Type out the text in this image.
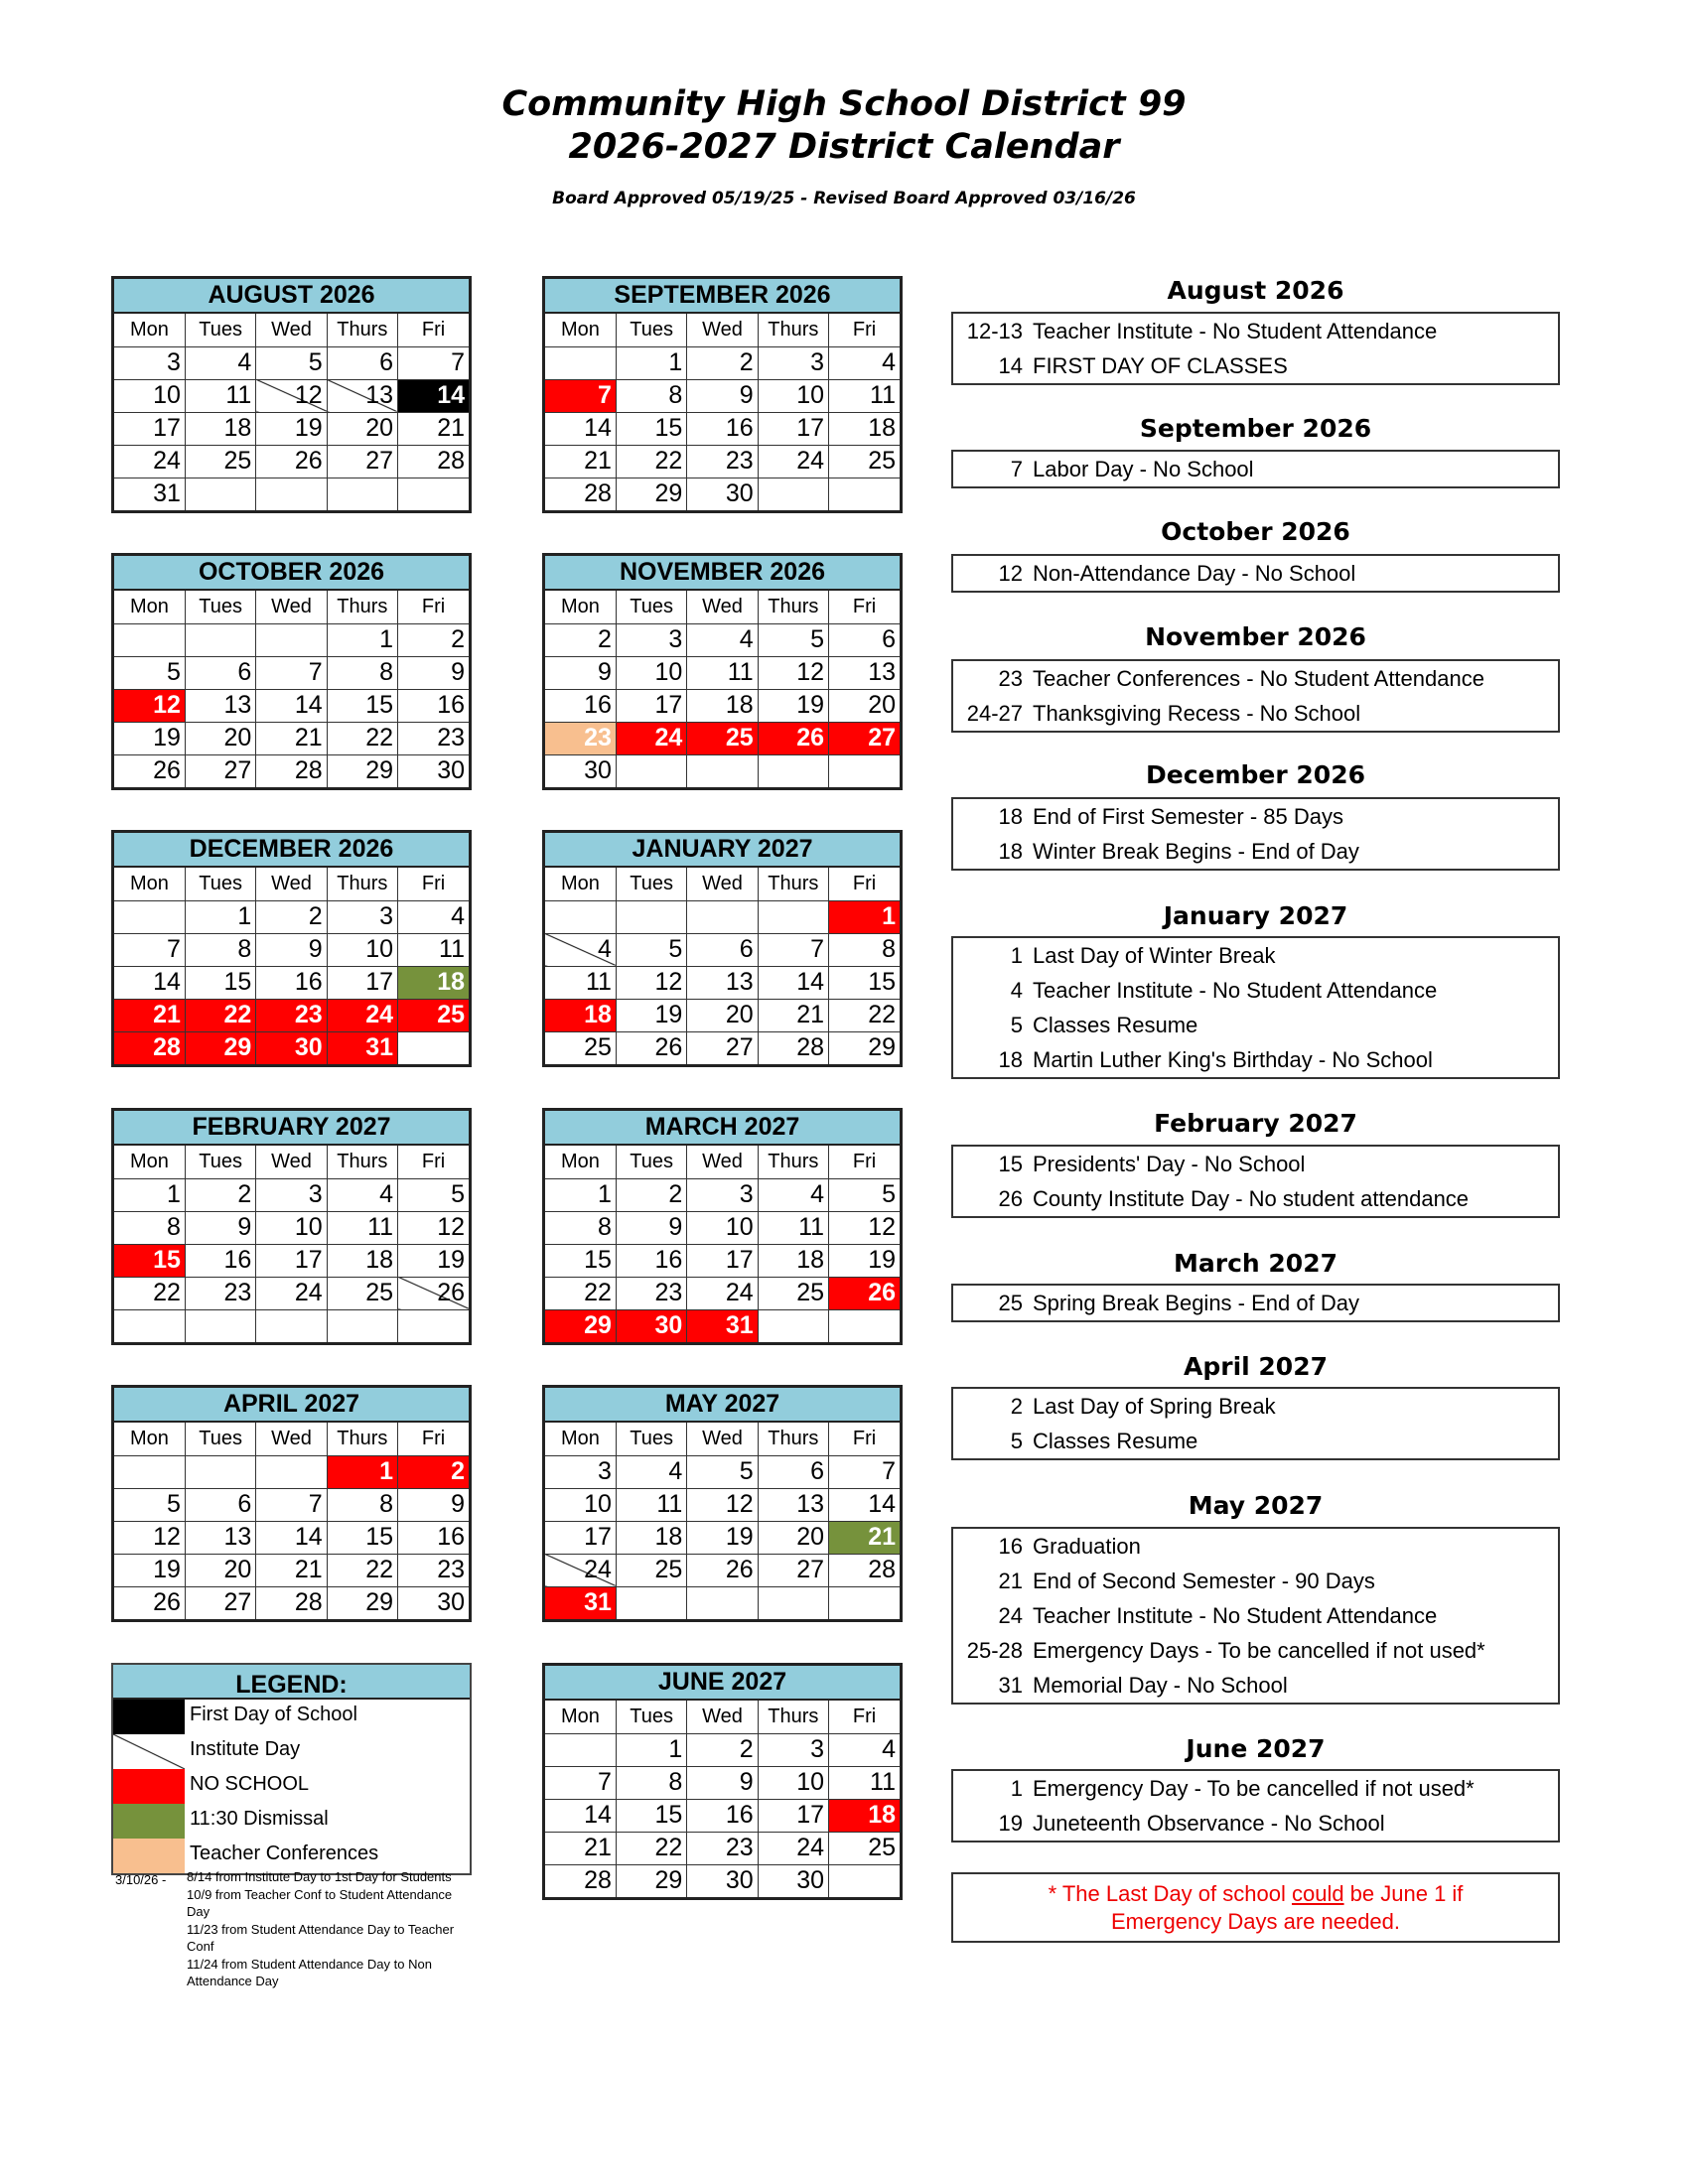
Community High School District 99
2026-2027 District Calendar
Board Approved 05/19/25 - Revised Board Approved 03/16/26
AUGUST 2026
Mon	Tues	Wed	Thurs	Fri
3	4	5	6	7
10	11	12	13	14
17	18	19	20	21
24	25	26	27	28
31				
SEPTEMBER 2026
Mon	Tues	Wed	Thurs	Fri
	1	2	3	4
7	8	9	10	11
14	15	16	17	18
21	22	23	24	25
28	29	30		
OCTOBER 2026
Mon	Tues	Wed	Thurs	Fri
			1	2
5	6	7	8	9
12	13	14	15	16
19	20	21	22	23
26	27	28	29	30
NOVEMBER 2026
Mon	Tues	Wed	Thurs	Fri
2	3	4	5	6
9	10	11	12	13
16	17	18	19	20
23	24	25	26	27
30				
DECEMBER 2026
Mon	Tues	Wed	Thurs	Fri
	1	2	3	4
7	8	9	10	11
14	15	16	17	18
21	22	23	24	25
28	29	30	31	
JANUARY 2027
Mon	Tues	Wed	Thurs	Fri
				1
4	5	6	7	8
11	12	13	14	15
18	19	20	21	22
25	26	27	28	29
FEBRUARY 2027
Mon	Tues	Wed	Thurs	Fri
1	2	3	4	5
8	9	10	11	12
15	16	17	18	19
22	23	24	25	26

MARCH 2027
Mon	Tues	Wed	Thurs	Fri
1	2	3	4	5
8	9	10	11	12
15	16	17	18	19
22	23	24	25	26
29	30	31		
APRIL 2027
Mon	Tues	Wed	Thurs	Fri
			1	2
5	6	7	8	9
12	13	14	15	16
19	20	21	22	23
26	27	28	29	30
MAY 2027
Mon	Tues	Wed	Thurs	Fri
3	4	5	6	7
10	11	12	13	14
17	18	19	20	21
24	25	26	27	28
31				
JUNE 2027
Mon	Tues	Wed	Thurs	Fri
	1	2	3	4
7	8	9	10	11
14	15	16	17	18
21	22	23	24	25
28	29	30	30	
August 2026
12-13 Teacher Institute - No Student Attendance
14 FIRST DAY OF CLASSES
September 2026
7 Labor Day - No School
October 2026
12 Non-Attendance Day - No School
November 2026
23 Teacher Conferences - No Student Attendance
24-27 Thanksgiving Recess - No School
December 2026
18 End of First Semester - 85 Days
18 Winter Break Begins - End of Day
January 2027
1 Last Day of Winter Break
4 Teacher Institute - No Student Attendance
5 Classes Resume
18 Martin Luther King's Birthday - No School
February 2027
15 Presidents' Day - No School
26 County Institute Day - No student attendance
March 2027
25 Spring Break Begins - End of Day
April 2027
2 Last Day of Spring Break
5 Classes Resume
May 2027
16 Graduation
21 End of Second Semester - 90 Days
24 Teacher Institute - No Student Attendance
25-28 Emergency Days - To be cancelled if not used*
31 Memorial Day - No School
June 2027
1 Emergency Day - To be cancelled if not used*
19 Juneteenth Observance - No School
* The Last Day of school could be June 1 if
Emergency Days are needed.
LEGEND:
First Day of School
Institute Day
NO SCHOOL
11:30 Dismissal
Teacher Conferences
3/10/26 - 8/14 from Institute Day to 1st Day for Students
10/9 from Teacher Conf to Student Attendance Day
11/23 from Student Attendance Day to Teacher Conf
11/24 from Student Attendance Day to Non Attendance Day
